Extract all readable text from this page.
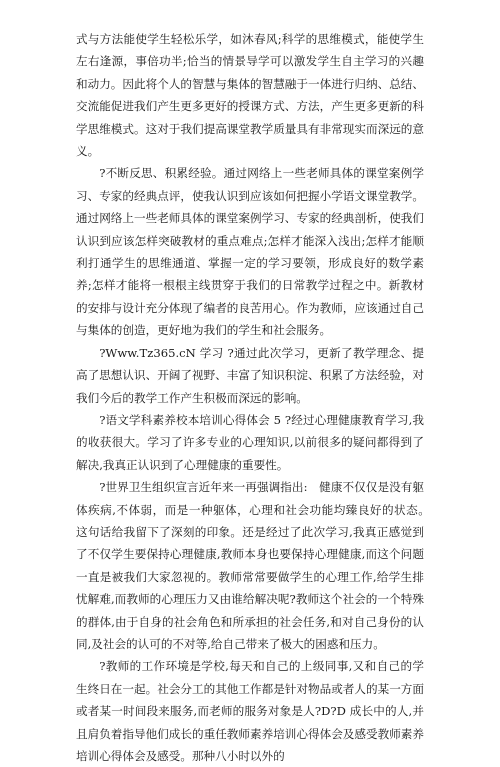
式与方法能使学生轻松乐学，如沐春风;科学的思维模式，能使学生左右逢源，事倍功半;恰当的情景导学可以激发学生自主学习的兴趣和动力。因此将个人的智慧与集体的智慧融于一体进行归纳、总结、交流能促进我们产生更多更好的授课方式、方法，产生更多更新的科学思维模式。这对于我们提高课堂教学质量具有非常现实而深远的意义。

?不断反思、积累经验。通过网络上一些老师具体的课堂案例学习、专家的经典点评，使我认识到应该如何把握小学语文课堂教学。通过网络上一些老师具体的课堂案例学习、专家的经典剖析，使我们认识到应该怎样突破教材的重点难点;怎样才能深入浅出;怎样才能顺利打通学生的思维通道、掌握一定的学习要领，形成良好的数学素养;怎样才能将一根根主线贯穿于我们的日常教学过程之中。新教材的安排与设计充分体现了编者的良苦用心。作为教师，应该通过自己与集体的创造，更好地为我们的学生和社会服务。

?Www.Tz365.cN 学习 ?通过此次学习，更新了教学理念、提高了思想认识、开阔了视野、丰富了知识积淀、积累了方法经验，对我们今后的教学工作产生积极而深远的影响。

?语文学科素养校本培训心得体会 5 ?经过心理健康教育学习,我的收获很大。学习了许多专业的心理知识,以前很多的疑问都得到了解决,我真正认识到了心理健康的重要性。

?世界卫生组织宣言近年来一再强调指出:　健康不仅仅是没有躯体疾病,不体弱，而是一种躯体，心理和社会功能均臻良好的状态。　这句话给我留下了深刻的印象。还是经过了此次学习,我真正感觉到了不仅学生要保持心理健康,教师本身也要保持心理健康,而这个问题一直是被我们大家忽视的。教师常常要做学生的心理工作,给学生排忧解难,而教师的心理压力又由谁给解决呢?教师这个社会的一个特殊的群体,由于自身的社会角色和所承担的社会任务,和对自己身份的认同,及社会的认可的不对等,给自己带来了极大的困惑和压力。

?教师的工作环境是学校,每天和自己的上级同事,又和自己的学生终日在一起。社会分工的其他工作都是针对物品或者人的某一方面或者某一时间段来服务,而老师的服务对象是人?D?D 成长中的人,并且肩负着指导他们成长的重任教师素养培训心得体会及感受教师素养培训心得体会及感受。那种八小时以外的
